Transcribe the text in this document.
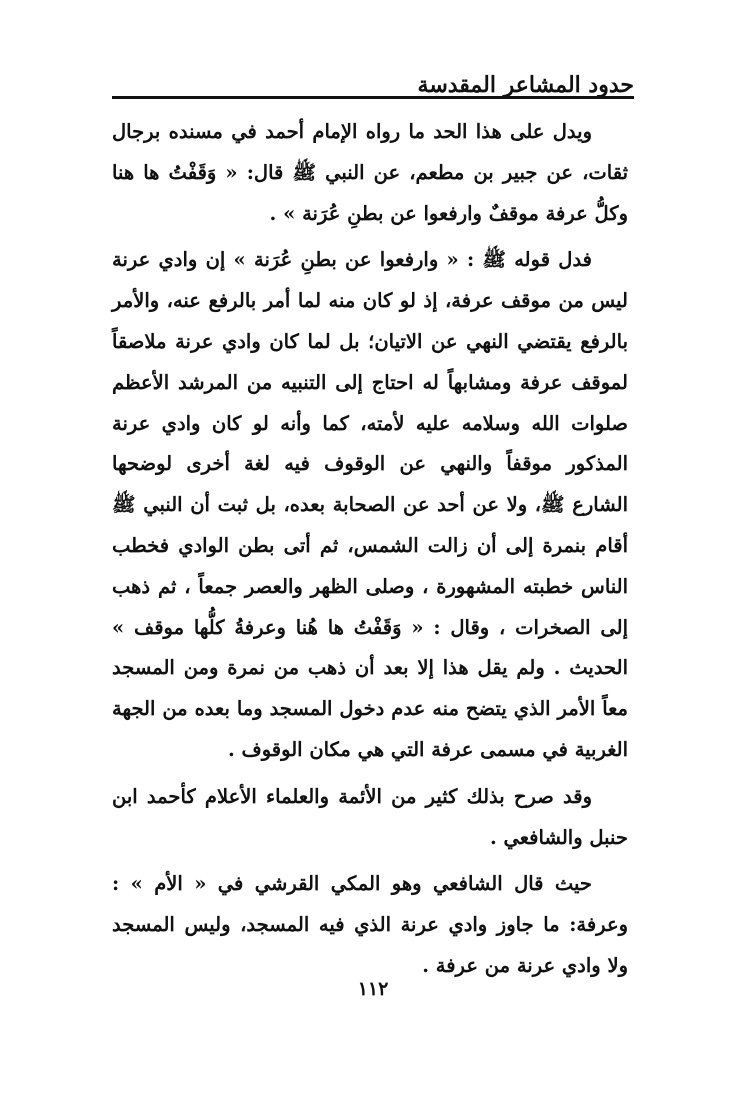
حدود المشاعر المقدسة

ويدل على هذا الحد ما رواه الإمام أحمد في مسنده برجال ثقات، عن جبير بن مطعم، عن النبي ﷺ قال: « وَقَفْتُ ها هنا وكلُّ عرفة موقفٌ وارفعوا عن بطنِ عُرَنة » .

فدل قوله ﷺ : « وارفعوا عن بطنِ عُرَنة » إن وادي عرنة ليس من موقف عرفة، إذ لو كان منه لما أمر بالرفع عنه، والأمر بالرفع يقتضي النهي عن الاتيان؛ بل لما كان وادي عرنة ملاصقاً لموقف عرفة ومشابهاً له احتاج إلى التنبيه من المرشد الأعظم صلوات الله وسلامه عليه لأمته، كما وأنه لو كان وادي عرنة المذكور موقفاً والنهي عن الوقوف فيه لغة أخرى لوضحها الشارع ﷺ، ولا عن أحد عن الصحابة بعده، بل ثبت أن النبي ﷺ أقام بنمرة إلى أن زالت الشمس، ثم أتى بطن الوادي فخطب الناس خطبته المشهورة ، وصلى الظهر والعصر جمعاً ، ثم ذهب إلى الصخرات ، وقال : « وَقَفْتُ ها هُنا وعرفةُ كلُّها موقف » الحديث . ولم يقل هذا إلا بعد أن ذهب من نمرة ومن المسجد معاً الأمر الذي يتضح منه عدم دخول المسجد وما بعده من الجهة الغربية في مسمى عرفة التي هي مكان الوقوف .

وقد صرح بذلك كثير من الأئمة والعلماء الأعلام كأحمد ابن حنبل والشافعي .

حيث قال الشافعي وهو المكي القرشي في « الأم » : وعرفة: ما جاوز وادي عرنة الذي فيه المسجد، وليس المسجد ولا وادي عرنة من عرفة .

١١٢
